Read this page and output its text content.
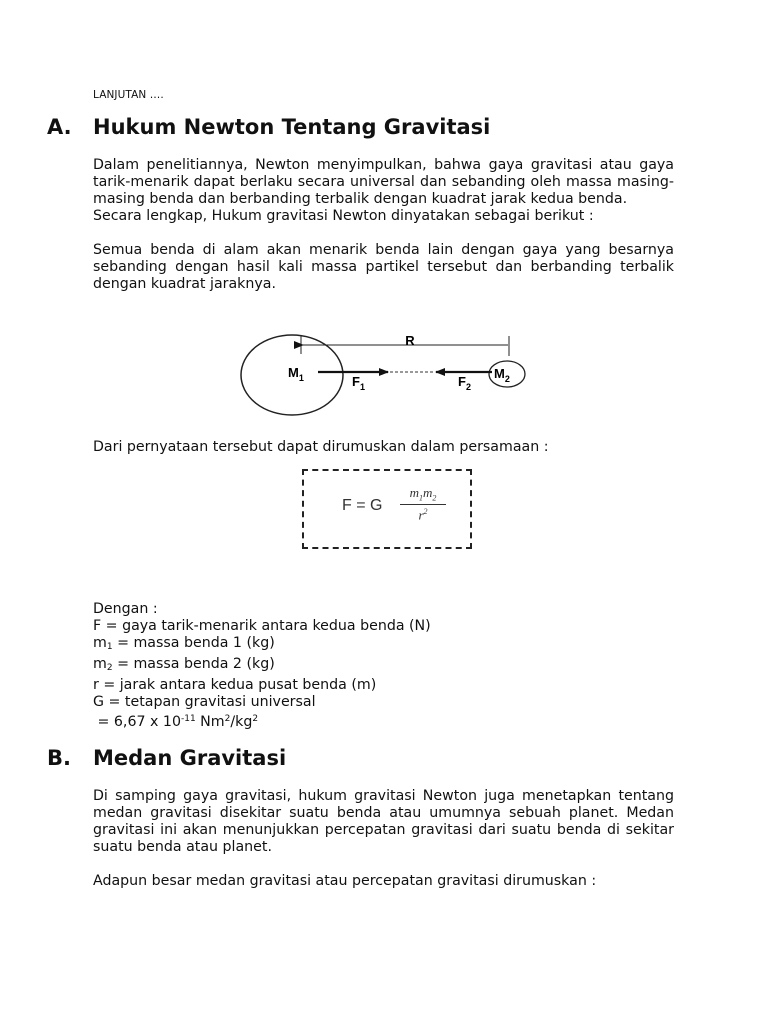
LANJUTAN ….
A. Hukum Newton Tentang Gravitasi

Dalam penelitiannya, Newton menyimpulkan, bahwa gaya gravitasi atau gaya tarik-menarik dapat berlaku secara universal dan sebanding oleh massa masing-masing benda dan berbanding terbalik dengan kuadrat jarak kedua benda.

Secara lengkap, Hukum gravitasi Newton dinyatakan sebagai berikut :

Semua benda di alam akan menarik benda lain dengan gaya yang besarnya sebanding dengan hasil kali massa partikel tersebut dan berbanding terbalik dengan kuadrat jaraknya.

R
$M_1$	$M_2$
$F_1$	$F_2$

Dari pernyataan tersebut dapat dirumuskan dalam persamaan :

F = G $\frac{m_1m_2}{r^2}$
Dengan :
F = gaya tarik-menarik antara kedua benda (N)
$m_1$ = massa benda 1 (kg)
$m_2$ = massa benda 2 (kg)
r = jarak antara kedua pusat benda (m)
G = tetapan gravitasi universal
= 6,67 x $10^{-11}$ $Nm^2/kg^2$
B. Medan Gravitasi

Di samping gaya gravitasi, hukum gravitasi Newton juga menetapkan tentang medan gravitasi disekitar suatu benda atau umumnya sebuah planet. Medan gravitasi ini akan menunjukkan percepatan gravitasi dari suatu benda di sekitar suatu benda atau planet.

Adapun besar medan gravitasi atau percepatan gravitasi dirumuskan :
